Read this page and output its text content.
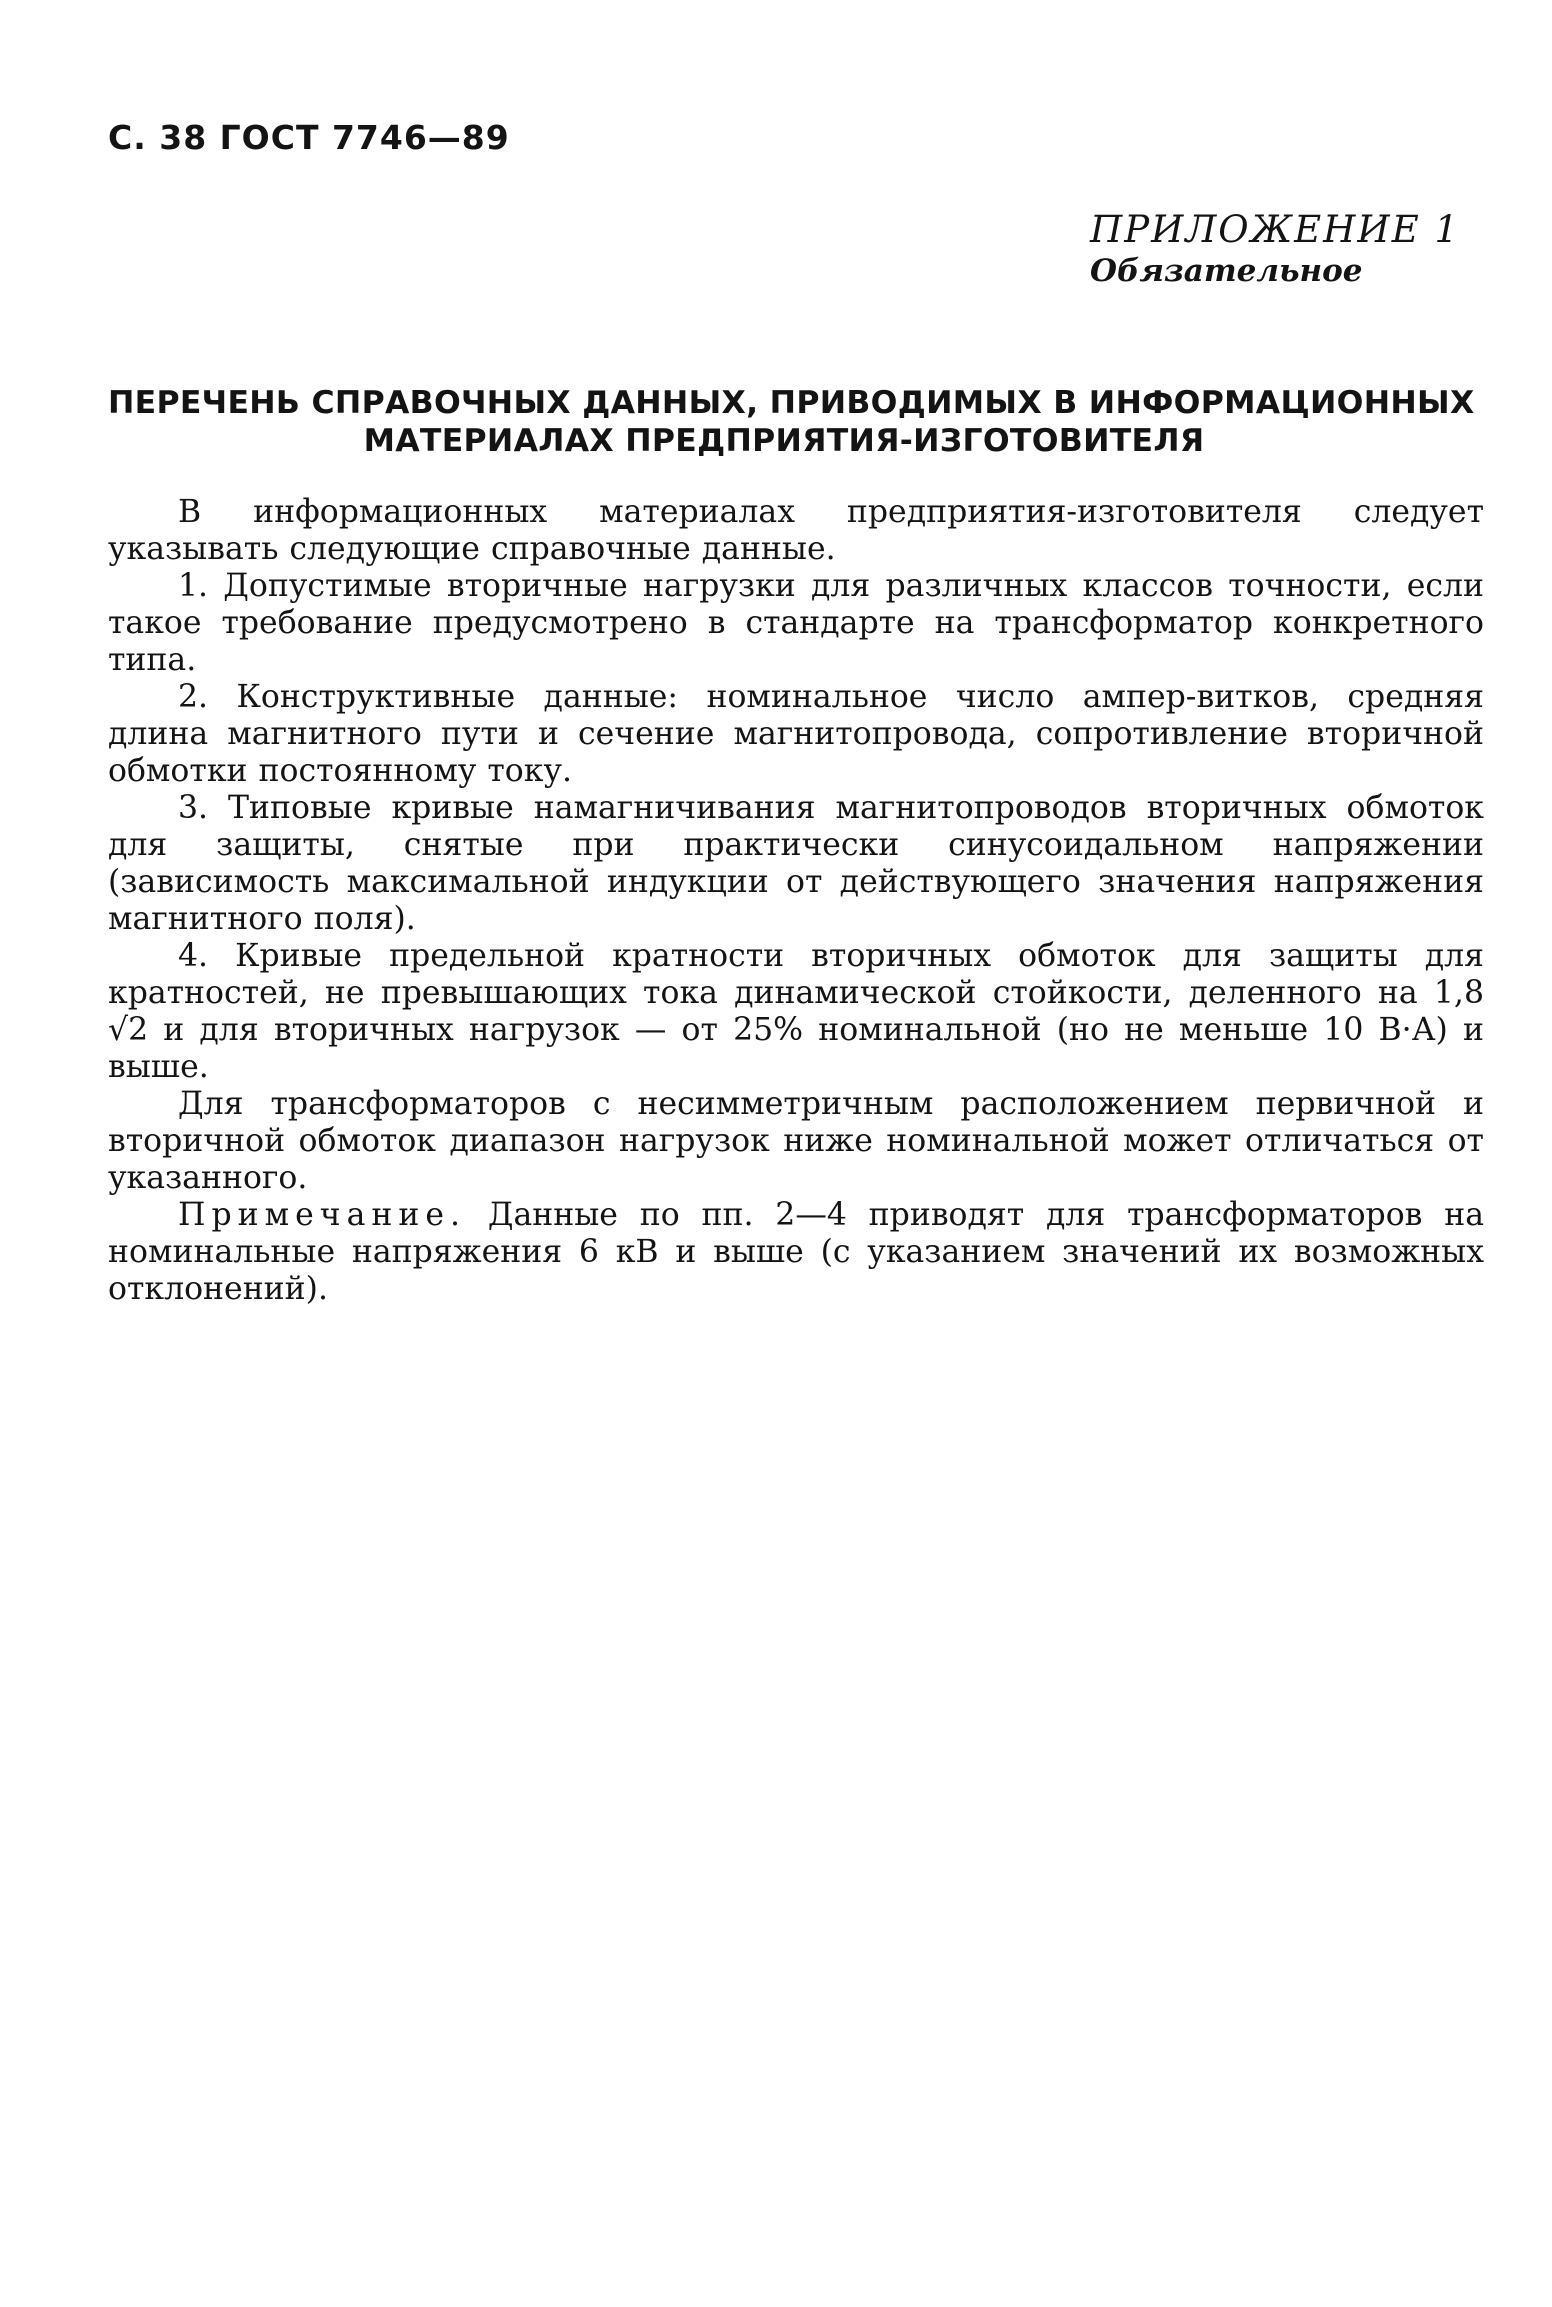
С. 38 ГОСТ 7746—89
ПРИЛОЖЕНИЕ 1
Обязательное
ПЕРЕЧЕНЬ СПРАВОЧНЫХ ДАННЫХ, ПРИВОДИМЫХ В ИНФОРМАЦИОННЫХ
МАТЕРИАЛАХ ПРЕДПРИЯТИЯ-ИЗГОТОВИТЕЛЯ

В информационных материалах предприятия-изготовителя следует указывать следующие справочные данные.

1. Допустимые вторичные нагрузки для различных классов точности, если такое требование предусмотрено в стандарте на трансформатор конкретного типа.

2. Конструктивные данные: номинальное число ампер-витков, средняя длина магнитного пути и сечение магнитопровода, сопротивление вторичной обмотки постоянному току.

3. Типовые кривые намагничивания магнитопроводов вторичных обмоток для защиты, снятые при практически синусоидальном напряжении (зависимость максимальной индукции от действующего значения напряжения магнитного поля).

4. Кривые предельной кратности вторичных обмоток для защиты для кратностей, не превышающих тока динамической стойкости, деленного на 1,8 √2 и для вторичных нагрузок — от 25% номинальной (но не меньше 10 В·А) и выше.

Для трансформаторов с несимметричным расположением первичной и вторичной обмоток диапазон нагрузок ниже номинальной может отличаться от указанного.

Примечание. Данные по пп. 2—4 приводят для трансформаторов на номинальные напряжения 6 кВ и выше (с указанием значений их возможных отклонений).
